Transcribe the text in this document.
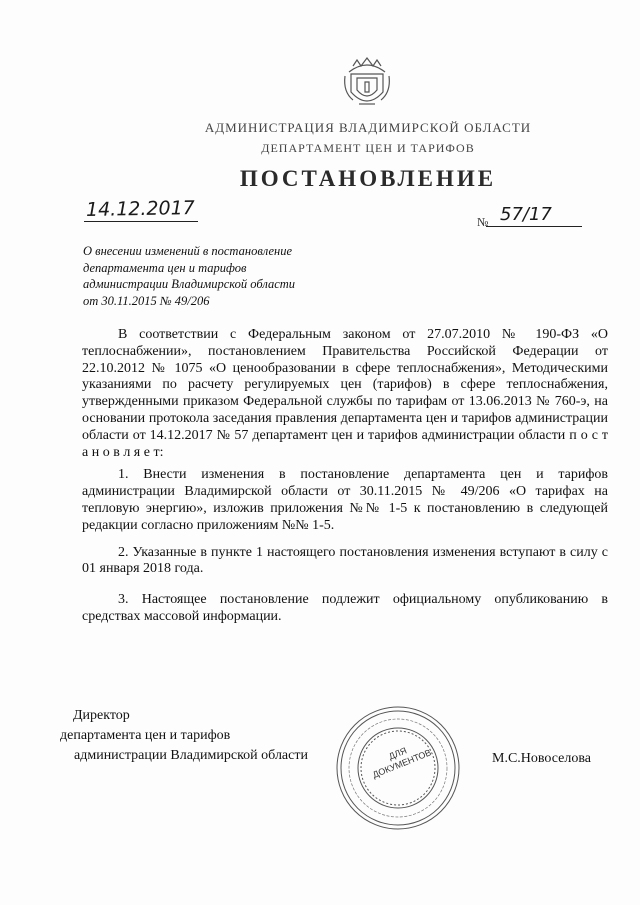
АДМИНИСТРАЦИЯ ВЛАДИМИРСКОЙ ОБЛАСТИ
ДЕПАРТАМЕНТ ЦЕН И ТАРИФОВ
ПОСТАНОВЛЕНИЕ
14.12.2017
№ 57/17
О внесении изменений в постановление
департамента цен и тарифов
администрации Владимирской области
от 30.11.2015 № 49/206

В соответствии с Федеральным законом от 27.07.2010 № 190-ФЗ «О теплоснабжении», постановлением Правительства Российской Федерации от 22.10.2012 № 1075 «О ценообразовании в сфере теплоснабжения», Методическими указаниями по расчету регулируемых цен (тарифов) в сфере теплоснабжения, утвержденными приказом Федеральной службы по тарифам от 13.06.2013 № 760-э, на основании протокола заседания правления департамента цен и тарифов администрации области от 14.12.2017 № 57 департамент цен и тарифов администрации области п о с т а н о в л я е т:

1. Внести изменения в постановление департамента цен и тарифов администрации Владимирской области от 30.11.2015 № 49/206 «О тарифах на тепловую энергию», изложив приложения №№ 1-5 к постановлению в следующей редакции согласно приложениям №№ 1-5.

2. Указанные в пункте 1 настоящего постановления изменения вступают в силу с 01 января 2018 года.

3. Настоящее постановление подлежит официальному опубликованию в средствах массовой информации.

Директор
департамента цен и тарифов
администрации Владимирской области	ДЛЯ ДОКУМЕНТОВ	М.С.Новоселова
